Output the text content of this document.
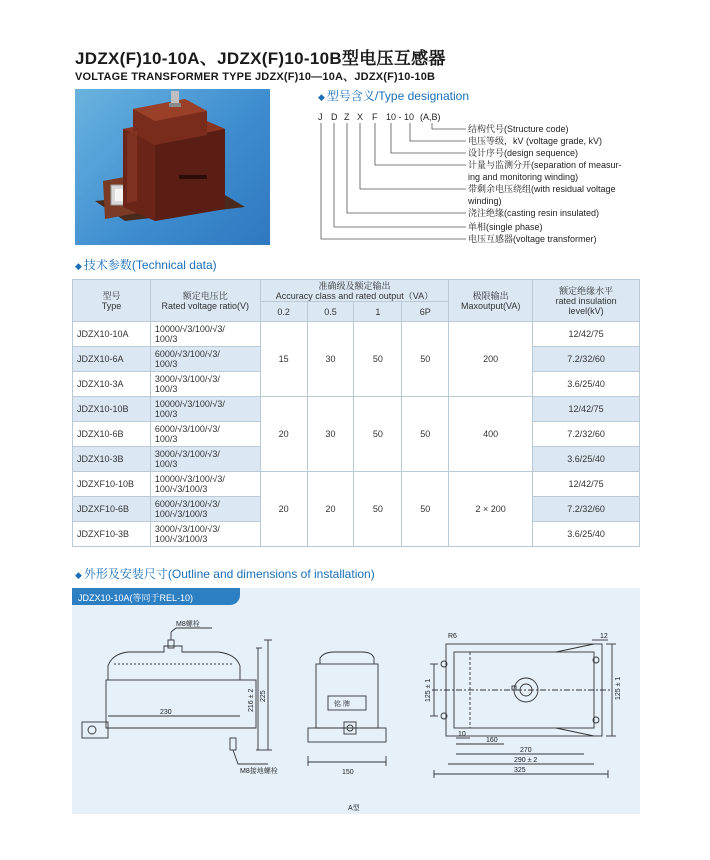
JDZX(F)10-10A、JDZX(F)10-10B型电压互感器
VOLTAGE TRANSFORMER TYPE JDZX(F)10—10A、JDZX(F)10-10B
◆ 型号含义/Type designation
J D Z X F 10 - 10 (A,B)
结构代号(Structure code)
电压等级，kV (voltage grade, kV)
设计序号(design sequence)
计量与监测分开(separation of measur-
ing and monitoring winding)
带剩余电压绕组(with residual voltage
winding)
浇注绝缘(casting resin insulated)
单相(single phase)
电压互感器(voltage transformer)
◆ 技术参数(Technical data)
型号
Type	额定电压比
Rated voltage ratio(V)	准确级及额定输出
Accuracy class and rated output（VA）				极限输出
Maxoutput(VA)	额定绝缘水平
rated insulation
level(kV)
		0.2	0.5	1	6P		
JDZX10-10A	10000/√3/100/√3/
100/3	15	30	50	50	200	12/42/75
JDZX10-6A	6000/√3/100/√3/
100/3						7.2/32/60
JDZX10-3A	3000/√3/100/√3/
100/3						3.6/25/40
JDZX10-10B	10000/√3/100/√3/
100/3	20	30	50	50	400	12/42/75
JDZX10-6B	6000/√3/100/√3/
100/3						7.2/32/60
JDZX10-3B	3000/√3/100/√3/
100/3						3.6/25/40
JDZXF10-10B	10000/√3/100/√3/
100/√3/100/3	20	20	50	50	2 × 200	12/42/75
JDZXF10-6B	6000/√3/100/√3/
100/√3/100/3						7.2/32/60
JDZXF10-3B	3000/√3/100/√3/
100/√3/100/3						3.6/25/40
◆ 外形及安装尺寸(Outline and dimensions of installation)
JDZX10-10A(等同于REL-10)
M8螺栓
M8接地螺栓
230
216 ± 2 225
铭 牌
150
R6	12
125 ± 1
125 ± 1
10
160
270
290 ± 2
325
A型
